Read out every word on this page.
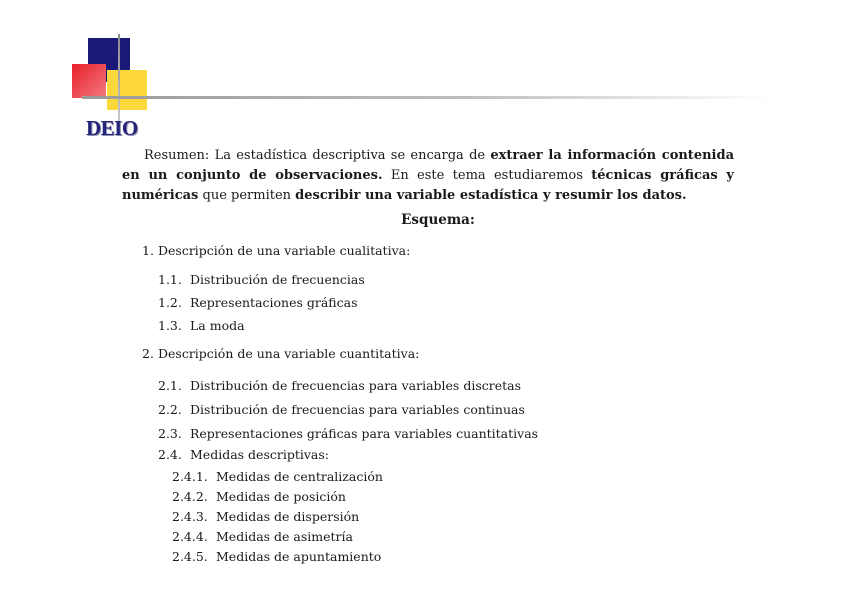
DEIO
Resumen: La estadística descriptiva se encarga de extraer la información contenida en un conjunto de observaciones. En este tema estudiaremos técnicas gráficas y numéricas que permiten describir una variable estadística y resumir los datos.
Esquema:
1. Descripción de una variable cualitativa:
1.1. Distribución de frecuencias
1.2. Representaciones gráficas
1.3. La moda
2. Descripción de una variable cuantitativa:
2.1. Distribución de frecuencias para variables discretas
2.2. Distribución de frecuencias para variables continuas
2.3. Representaciones gráficas para variables cuantitativas
2.4. Medidas descriptivas:
2.4.1. Medidas de centralización
2.4.2. Medidas de posición
2.4.3. Medidas de dispersión
2.4.4. Medidas de asimetría
2.4.5. Medidas de apuntamiento
